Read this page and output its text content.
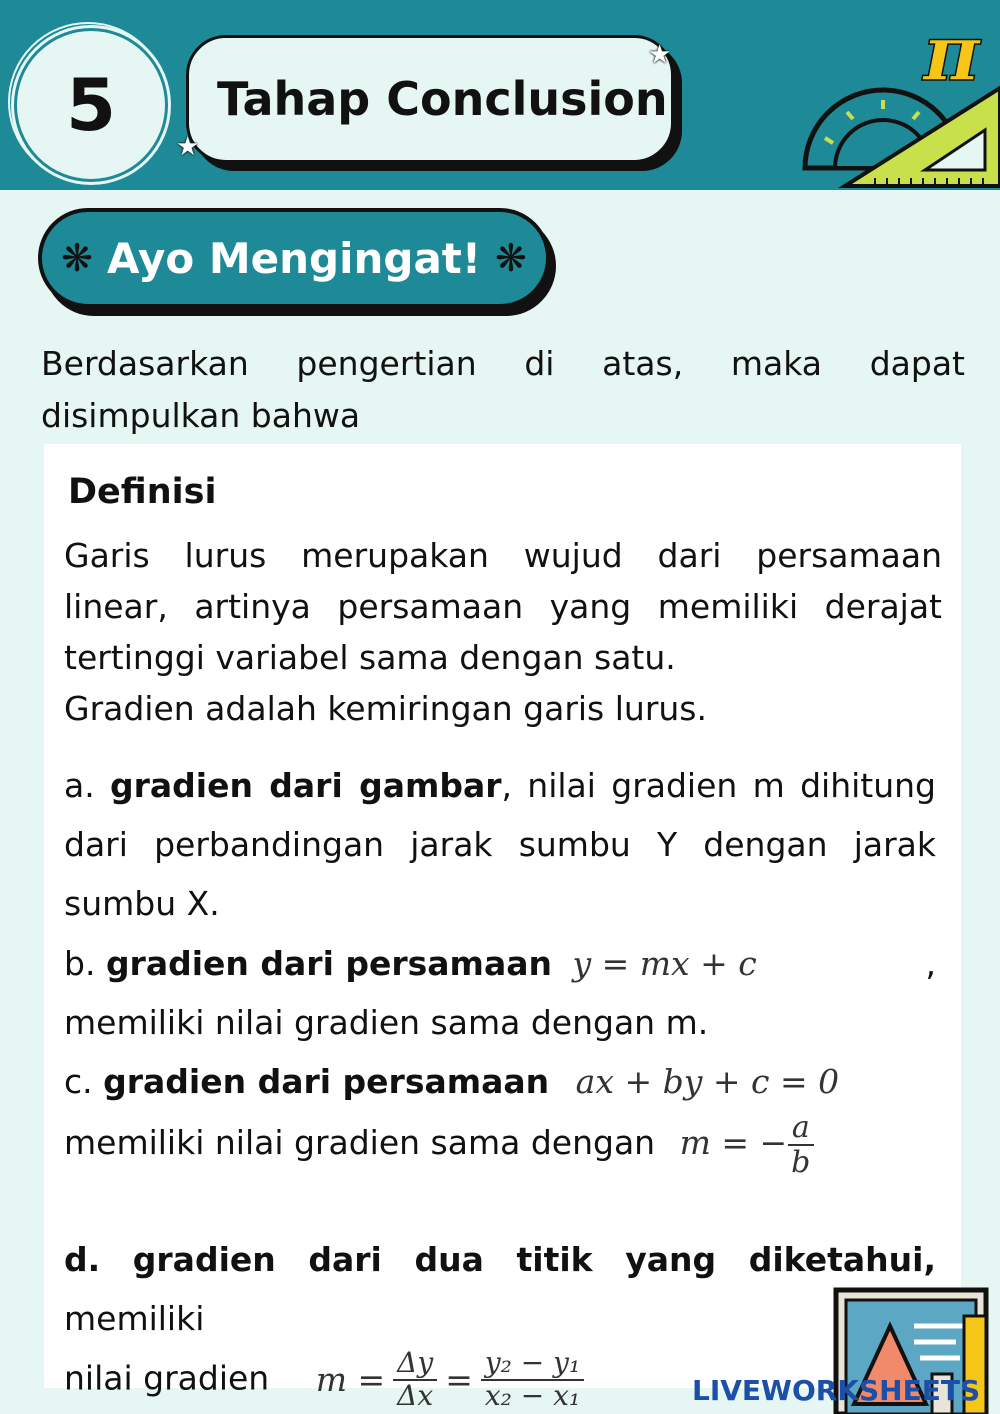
5	Tahap Conclusion
★
★
π
❋ Ayo Mengingat! ❋
Berdasarkan pengertian di atas, maka dapat disimpulkan bahwa
Definisi
Garis lurus merupakan wujud dari persamaan
linear, artinya persamaan yang memiliki derajat
tertinggi variabel sama dengan satu.
Gradien adalah kemiringan garis lurus.
a. gradien dari gambar, nilai gradien m dihitung dari perbandingan jarak sumbu Y dengan jarak sumbu X.
b. gradien dari persamaan y = mx + c	,

memiliki nilai gradien sama dengan m.
c. gradien dari persamaan ax + by + c = 0
memiliki nilai gradien sama dengan m = − $\frac{a}{b}$
d. gradien dari dua titik yang diketahui, memiliki
nilai gradien $m = \frac{\Delta y}{\Delta x} = \frac{\text{y₂ − y₁}}{\text{x₂ − x₁}}$	LIVEWORKSHEETS
